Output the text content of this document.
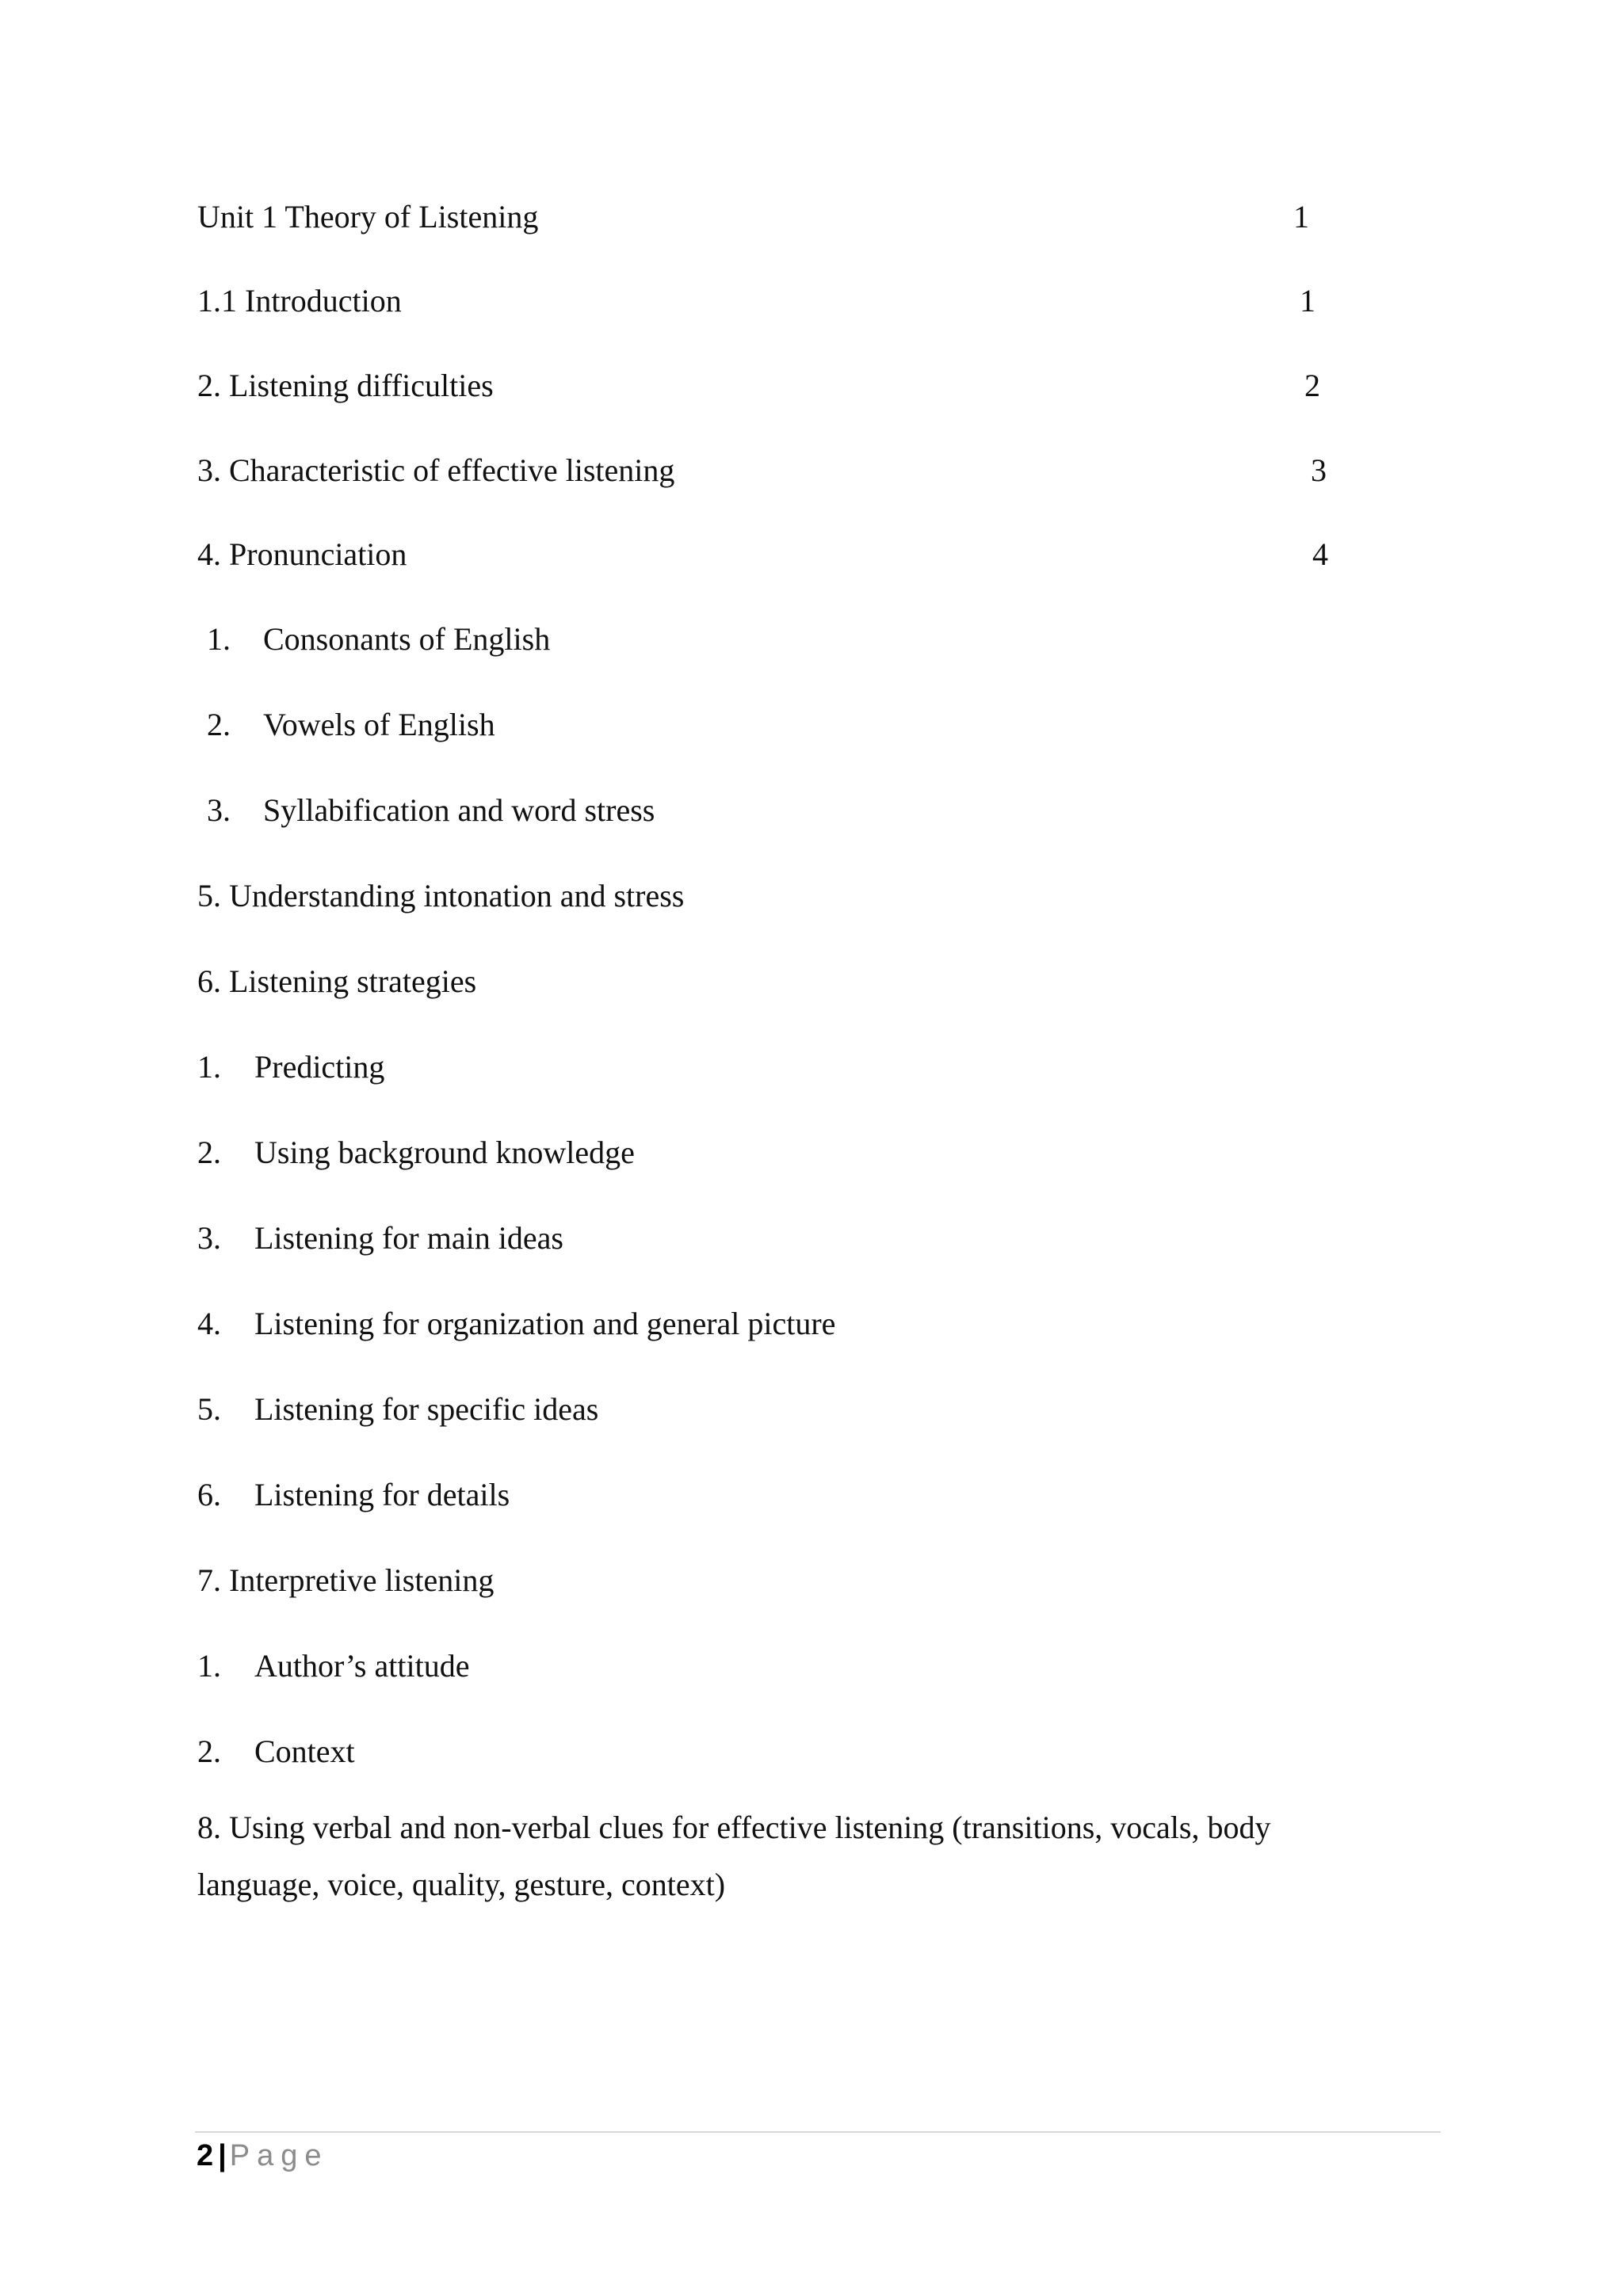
Unit 1 Theory of Listening	1
1.1 Introduction	1
2. Listening difficulties	2
3. Characteristic of effective listening	3
4. Pronunciation	4
1. Consonants of English
2. Vowels of English
3. Syllabification and word stress
5. Understanding intonation and stress
6. Listening strategies
1. Predicting
2. Using background knowledge
3. Listening for main ideas
4. Listening for organization and general picture
5. Listening for specific ideas
6. Listening for details
7. Interpretive listening
1. Author’s attitude
2. Context
8. Using verbal and non-verbal clues for effective listening (transitions, vocals, body language, voice, quality, gesture, context)
2 | Page
